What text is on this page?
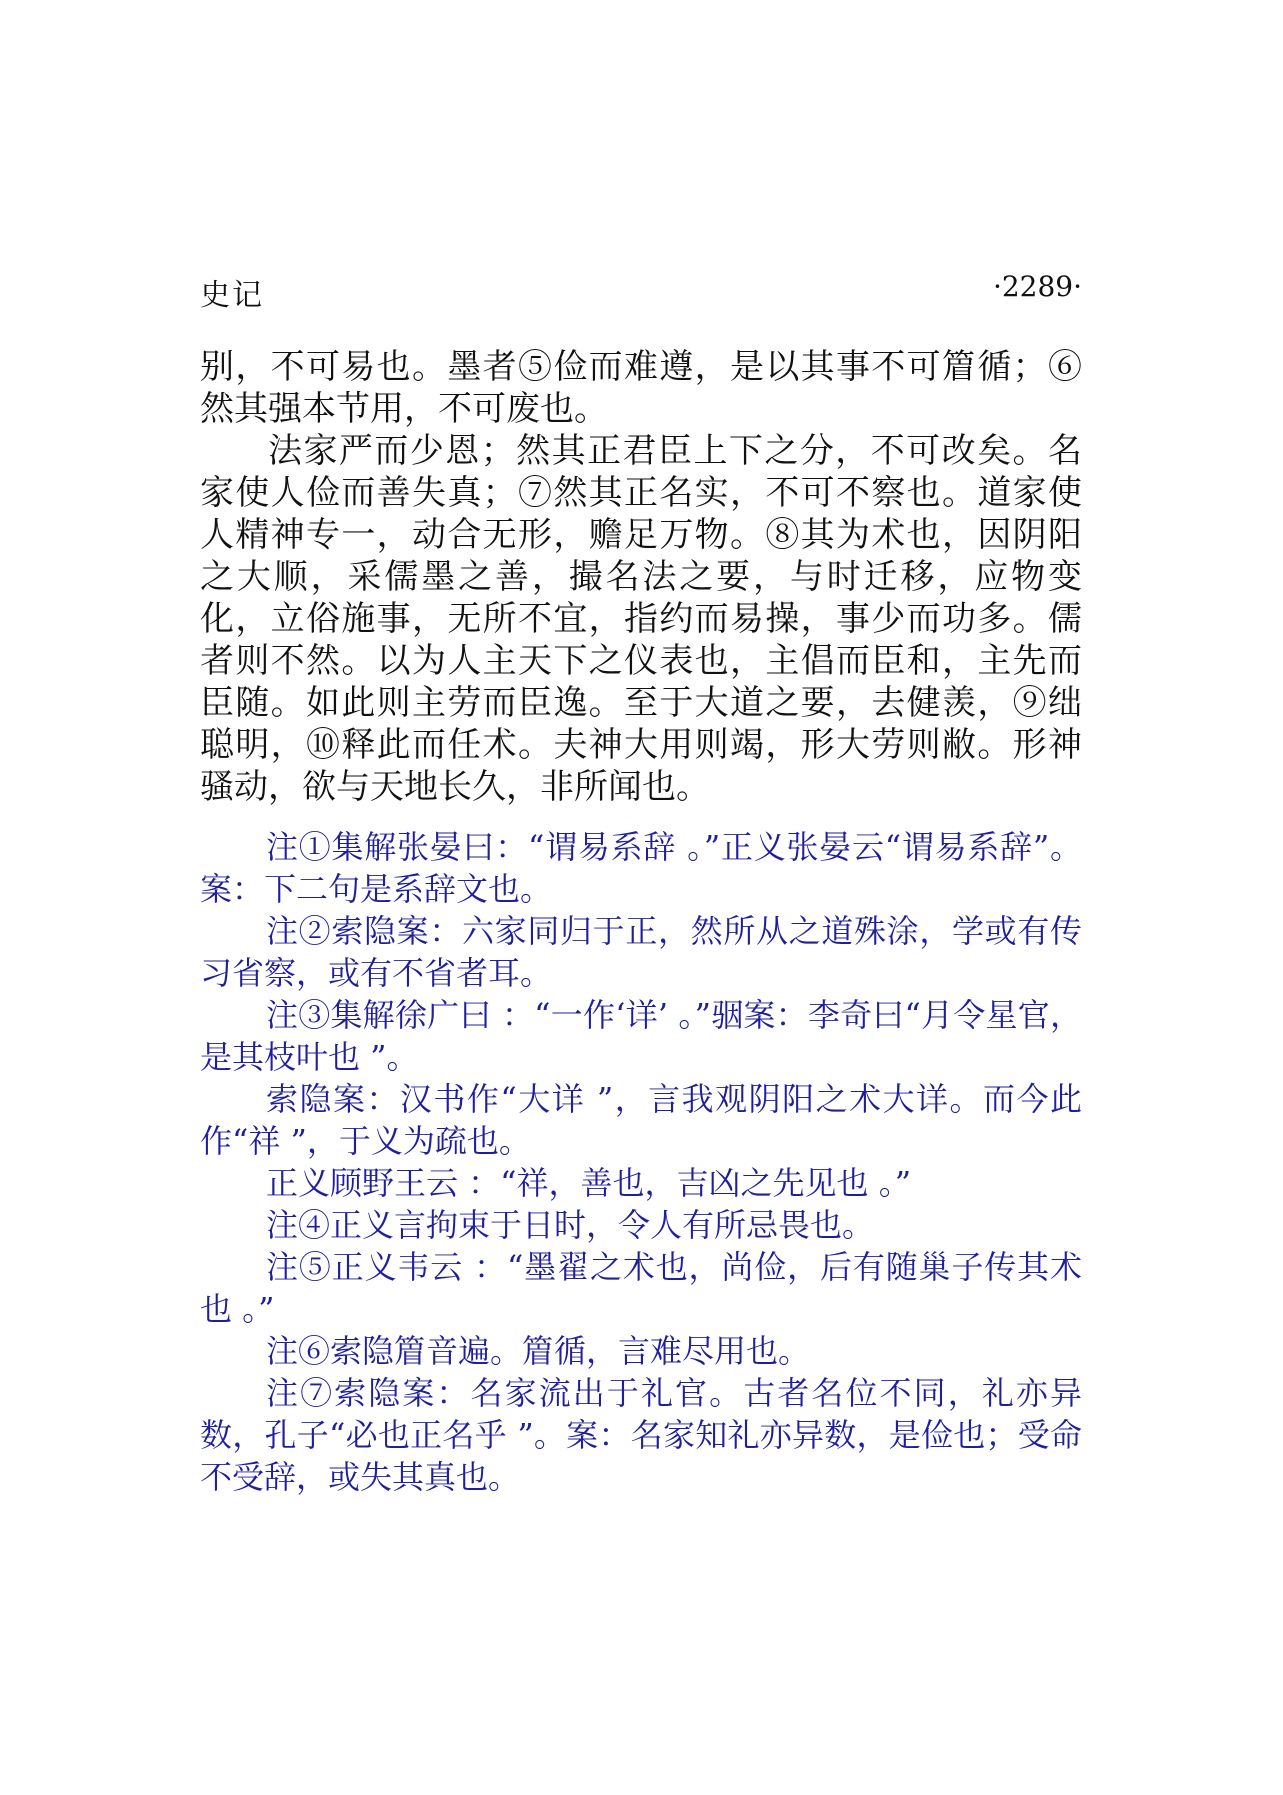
史记	·2289·

别，不可易也。墨者⑤俭而难遵，是以其事不可篃循；⑥然其强本节用，不可废也。

法家严而少恩；然其正君臣上下之分，不可改矣。名家使人俭而善失真；⑦然其正名实，不可不察也。道家使人精神专一，动合无形，赡足万物。⑧其为术也，因阴阳之大顺，采儒墨之善，撮名法之要，与时迁移，应物变化，立俗施事，无所不宜，指约而易操，事少而功多。儒者则不然。以为人主天下之仪表也，主倡而臣和，主先而臣随。如此则主劳而臣逸。至于大道之要，去健羡，⑨绌聪明，⑩释此而任术。夫神大用则竭，形大劳则敝。形神骚动，欲与天地长久，非所闻也。

注①集解张晏曰：“谓易系辞 。”正义张晏云“谓易系辞”。案：下二句是系辞文也。

注②索隐案：六家同归于正，然所从之道殊涂，学或有传习省察，或有不省者耳。

注③集解徐广曰 ：“一作‘详’ 。”骃案：李奇曰“月令星官，是其枝叶也 ”。

索隐案：汉书作“大详 ”，言我观阴阳之术大详。而今此作“祥 ”，于义为疏也。

正义顾野王云 ：“祥，善也，吉凶之先见也 。”

注④正义言拘束于日时，令人有所忌畏也。

注⑤正义韦云 ：“墨翟之术也，尚俭，后有随巢子传其术也 。”

注⑥索隐篃音遍。篃循，言难尽用也。

注⑦索隐案：名家流出于礼官。古者名位不同，礼亦异数，孔子“必也正名乎 ”。案：名家知礼亦异数，是俭也；受命不受辞，或失其真也。
